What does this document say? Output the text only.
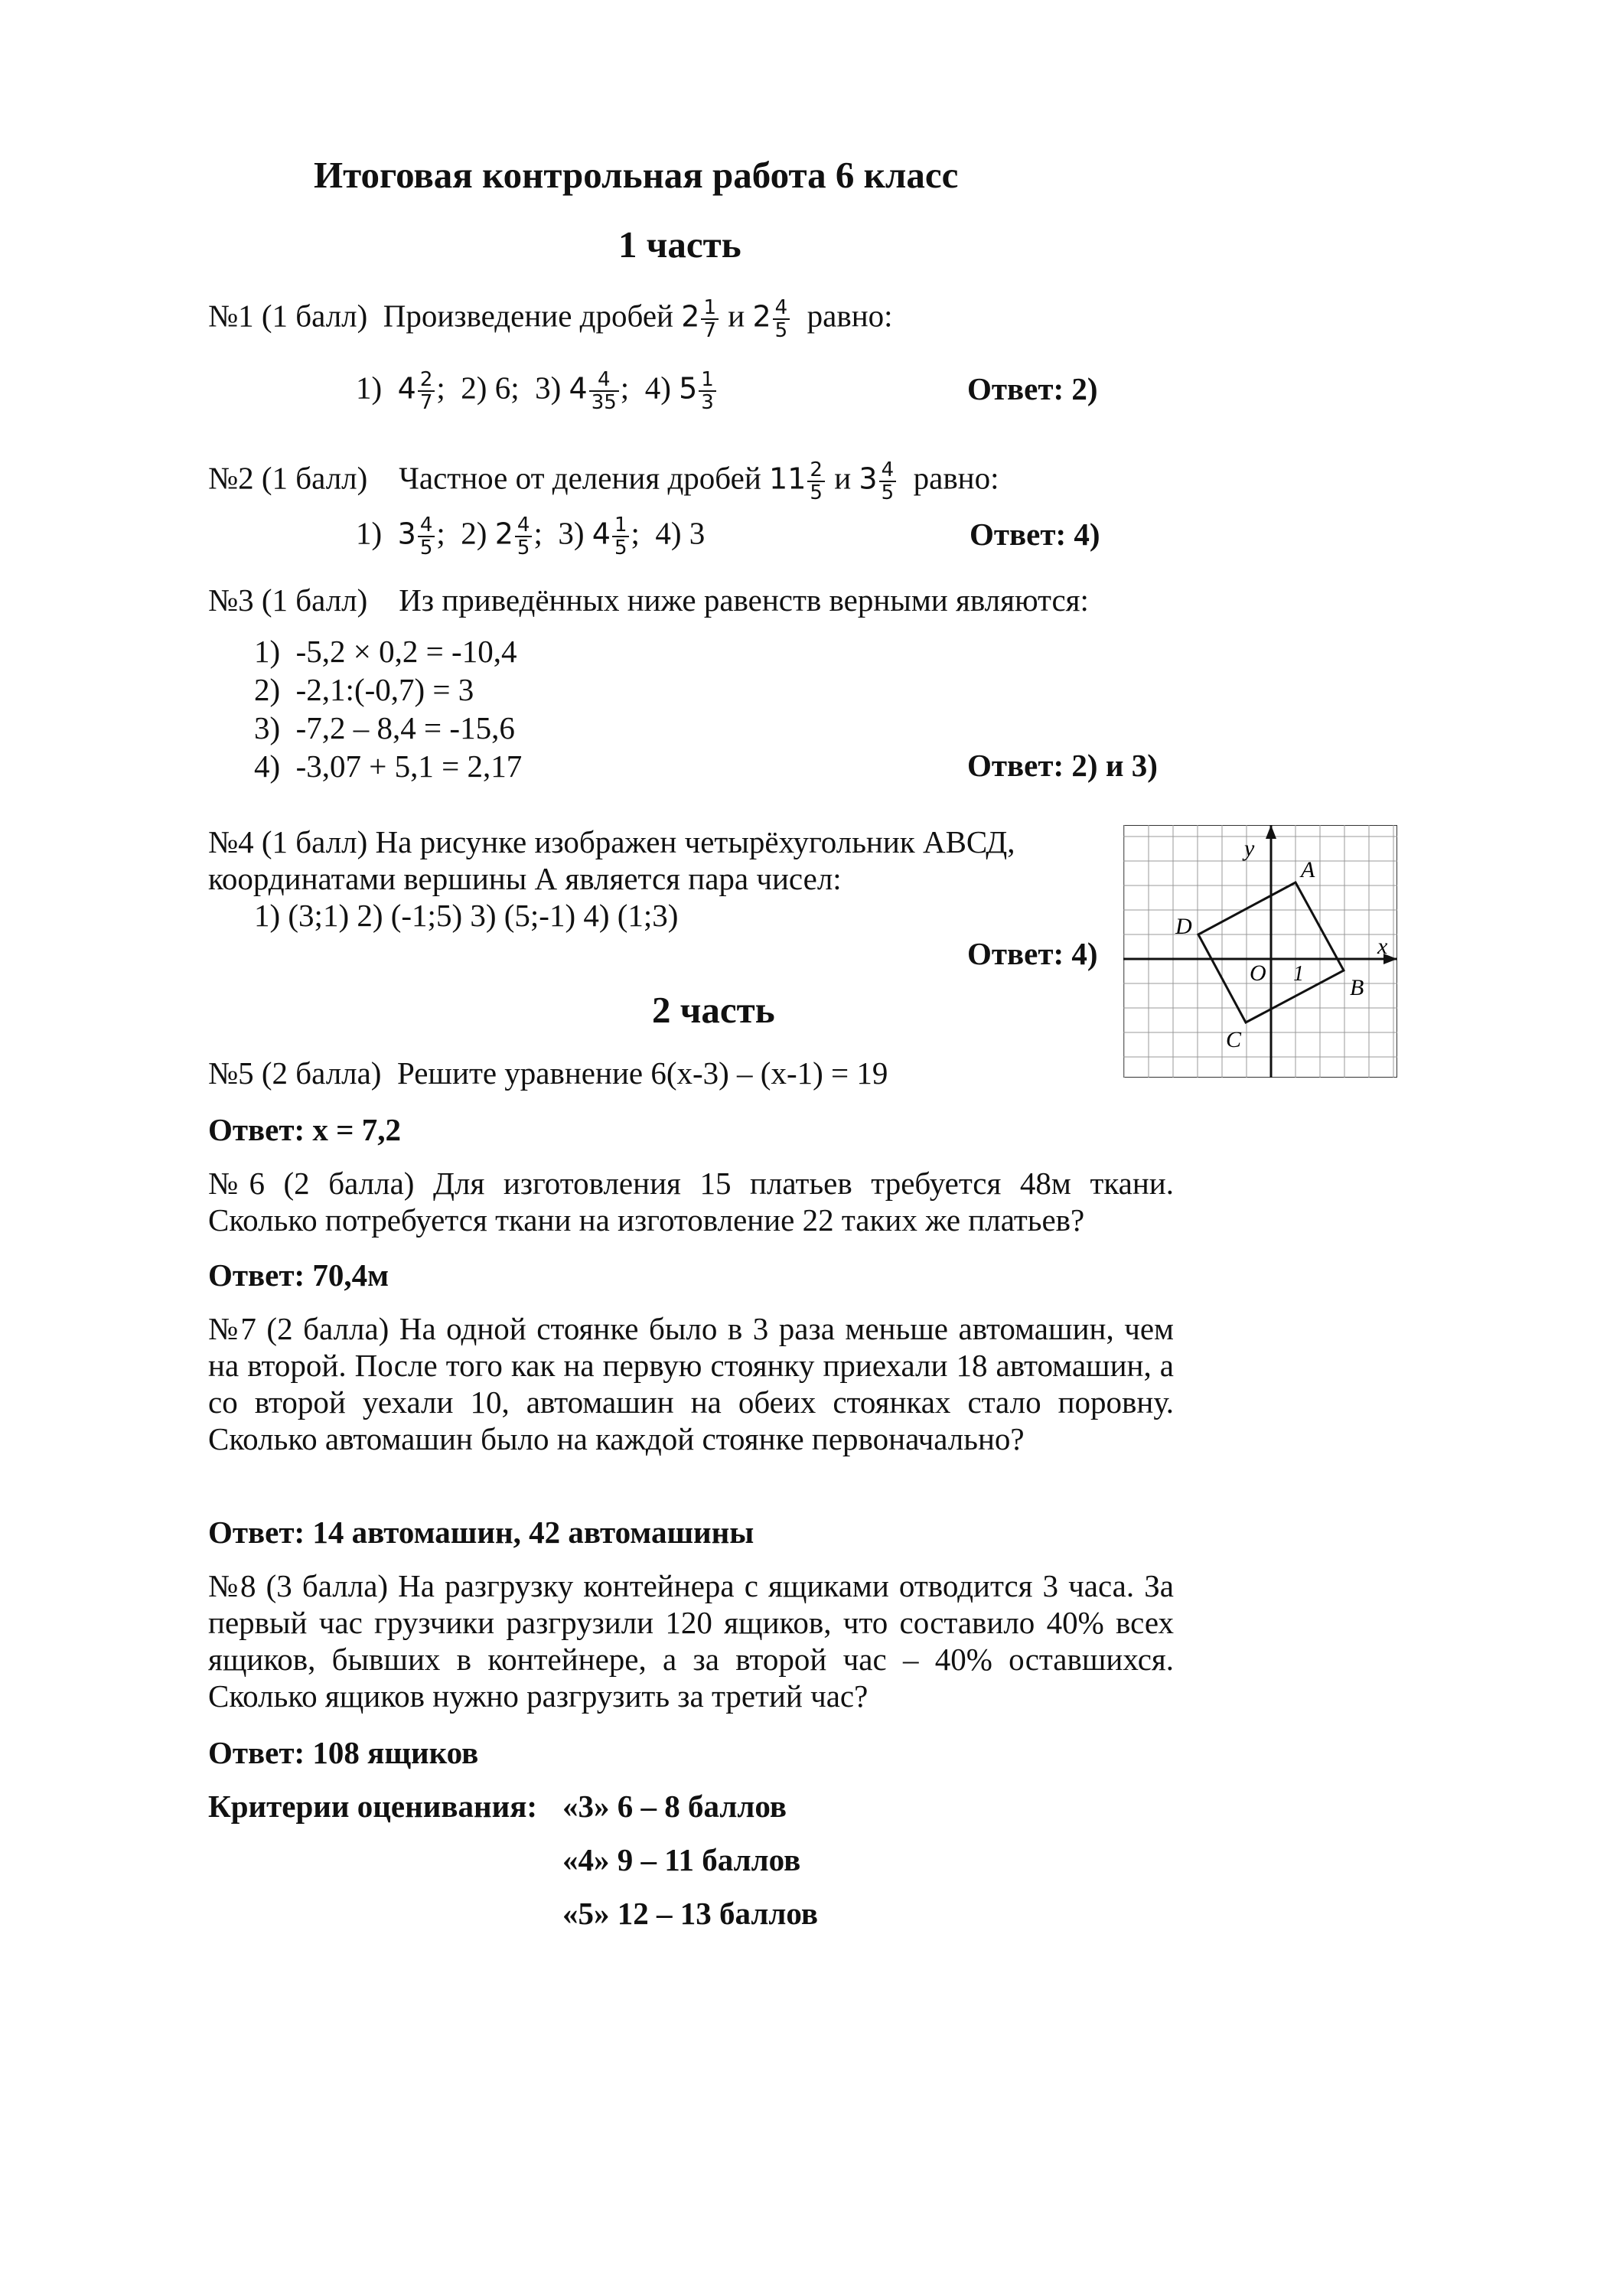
Итоговая контрольная работа 6 класс
1 часть
№1 (1 балл) Произведение дробей $2 \frac{1}{7}$ и $2 \frac{4}{5}$ равно:
1) $4 \frac{2}{7}$ ; 2) 6; 3) $4 \frac{4}{35}$ ; 4) $5 \frac{1}{3}$	Ответ: 2)
№2 (1 балл) Частное от деления дробей $11 \frac{2}{5}$ и $3 \frac{4}{5}$ равно:
1) $3 \frac{4}{5}$ ; 2) $2 \frac{4}{5}$ ; 3) $4 \frac{1}{5}$ ; 4) 3	Ответ: 4)
№3 (1 балл) Из приведённых ниже равенств верными являются:
1) -5,2 × 0,2 = -10,4
2) -2,1:(-0,7) = 3
3) -7,2 – 8,4 = -15,6
4) -3,07 + 5,1 = 2,17	Ответ: 2) и 3)
№4 (1 балл) На рисунке изображен четырёхугольник АВСД,
координатами вершины А является пара чисел:
1) (3;1) 2) (-1;5) 3) (5;-1) 4) (1;3)
Ответ: 4)	x
y
O 1
A
B
C
D
2 часть
№5 (2 балла) Решите уравнение 6(х-3) – (х-1) = 19
Ответ: х = 7,2
№6 (2 балла) Для изготовления 15 платьев требуется 48м ткани. Сколько потребуется ткани на изготовление 22 таких же платьев?
Ответ: 70,4м
№7 (2 балла) На одной стоянке было в 3 раза меньше автомашин, чем на второй. После того как на первую стоянку приехали 18 автомашин, а со второй уехали 10, автомашин на обеих стоянках стало поровну. Сколько автомашин было на каждой стоянке первоначально?
Ответ: 14 автомашин, 42 автомашины
№8 (3 балла) На разгрузку контейнера с ящиками отводится 3 часа. За первый час грузчики разгрузили 120 ящиков, что составило 40% всех ящиков, бывших в контейнере, а за второй час – 40% оставшихся. Сколько ящиков нужно разгрузить за третий час?
Ответ: 108 ящиков
Критерии оценивания: «3» 6 – 8 баллов
«4» 9 – 11 баллов
«5» 12 – 13 баллов
